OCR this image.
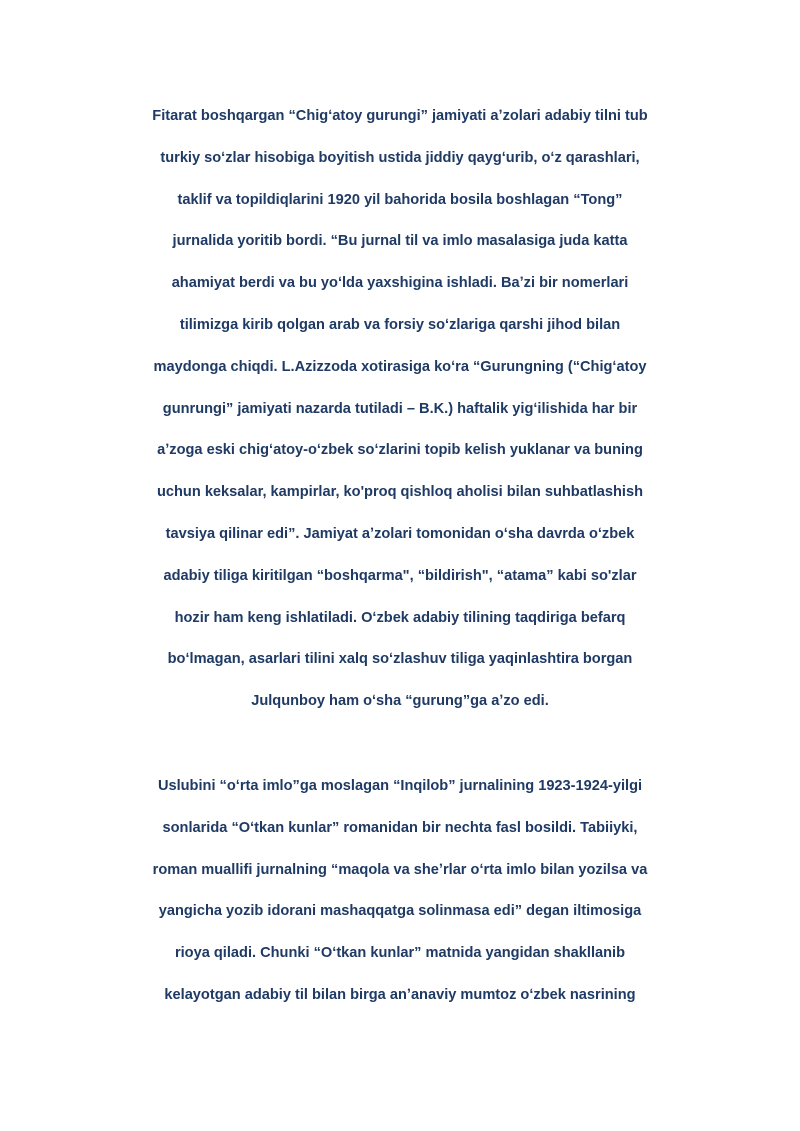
Fitarat boshqargan “Chigʻatoy gurungi” jamiyati aʼzolari adabiy tilni tub
turkiy soʻzlar hisobiga boyitish ustida jiddiy qaygʻurib, oʻz qarashlari,
taklif va topildiqlarini 1920 yil bahorida bosila boshlagan “Tong”
jurnalida yoritib bordi. “Bu jurnal til va imlo masalasiga juda katta
ahamiyat berdi va bu yoʻlda yaxshigina ishladi. Baʼzi bir nomerlari
tilimizga kirib qolgan arab va forsiy soʻzlariga qarshi jihod bilan
maydonga chiqdi. L.Azizzoda xotirasiga koʻra “Gurungning (“Chigʻatoy
gunrungi” jamiyati nazarda tutiladi – B.K.) haftalik yigʻilishida har bir
aʼzoga eski chigʻatoy-oʻzbek soʻzlarini topib kelish yuklanar va buning
uchun keksalar, kampirlar, ko'proq qishloq aholisi bilan suhbatlashish
tavsiya qilinar edi”. Jamiyat aʼzolari tomonidan oʻsha davrda oʻzbek
adabiy tiliga kiritilgan “boshqarma", “bildirish", “atama” kabi so'zlar
hozir ham keng ishlatiladi. Oʻzbek adabiy tilining taqdiriga befarq
boʻlmagan, asarlari tilini xalq soʻzlashuv tiliga yaqinlashtira borgan
Julqunboy ham oʻsha “gurung”ga aʼzo edi.

Uslubini “oʻrta imlo”ga moslagan “Inqilob” jurnalining 1923-1924-yilgi
sonlarida “Oʻtkan kunlar” romanidan bir nechta fasl bosildi. Tabiiyki,
roman muallifi jurnalning “maqola va sheʼrlar oʻrta imlo bilan yozilsa va
yangicha yozib idorani mashaqqatga solinmasa edi” degan iltimosiga
rioya qiladi. Chunki “Oʻtkan kunlar” matnida yangidan shakllanib
kelayotgan adabiy til bilan birga anʼanaviy mumtoz oʻzbek nasrining
